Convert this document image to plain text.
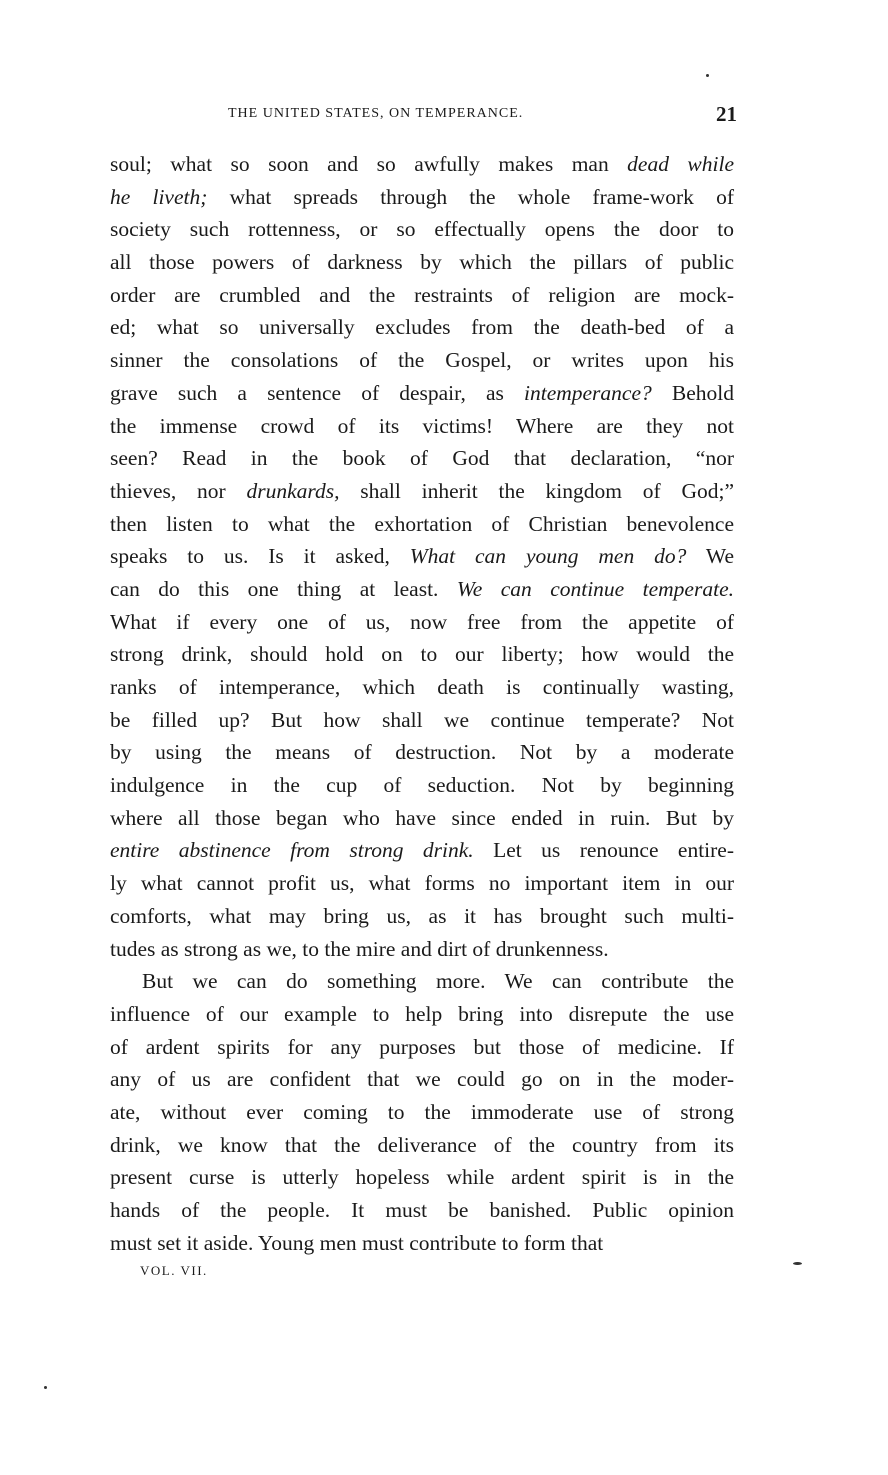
THE UNITED STATES, ON TEMPERANCE.	21
soul; what so soon and so awfully makes man dead while
he liveth; what spreads through the whole frame-work of
society such rottenness, or so effectually opens the door to
all those powers of darkness by which the pillars of public
order are crumbled and the restraints of religion are mock-
ed; what so universally excludes from the death-bed of a
sinner the consolations of the Gospel, or writes upon his
grave such a sentence of despair, as intemperance? Behold
the immense crowd of its victims! Where are they not
seen? Read in the book of God that declaration, “nor
thieves, nor drunkards, shall inherit the kingdom of God;”
then listen to what the exhortation of Christian benevolence
speaks to us. Is it asked, What can young men do? We
can do this one thing at least. We can continue temperate.
What if every one of us, now free from the appetite of
strong drink, should hold on to our liberty; how would the
ranks of intemperance, which death is continually wasting,
be filled up? But how shall we continue temperate? Not
by using the means of destruction. Not by a moderate
indulgence in the cup of seduction. Not by beginning
where all those began who have since ended in ruin. But by
entire abstinence from strong drink. Let us renounce entire-
ly what cannot profit us, what forms no important item in our
comforts, what may bring us, as it has brought such multi-
tudes as strong as we, to the mire and dirt of drunkenness.
But we can do something more. We can contribute the
influence of our example to help bring into disrepute the use
of ardent spirits for any purposes but those of medicine. If
any of us are confident that we could go on in the moder-
ate, without ever coming to the immoderate use of strong
drink, we know that the deliverance of the country from its
present curse is utterly hopeless while ardent spirit is in the
hands of the people. It must be banished. Public opinion
must set it aside. Young men must contribute to form that
VOL. VII.
